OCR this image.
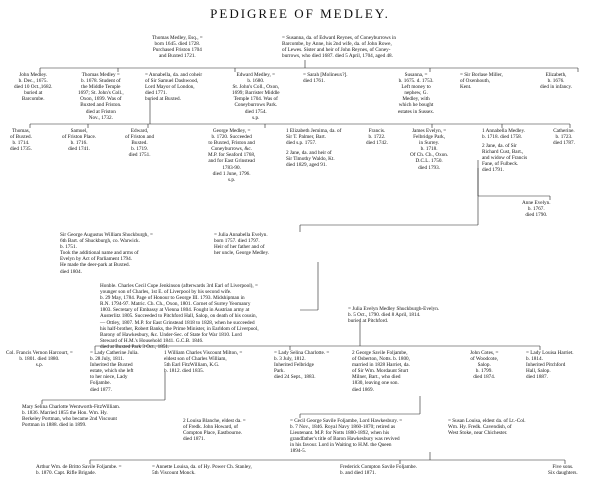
PEDIGREE OF MEDLEY.

Thomas Medley, Esq., =
born 1645. died 1728.
Purchased Friston 1704
and Buxted 1721.

= Susanna, da. of Edward Reynes, of Coneyburrows in
Barcombe, by Anne, his 2nd wife, da. of John Rowe,
of Lewes. Sister and heir of John Reynes, of Coney-
burrows, who died 1687. died 5 April, 1704, aged 48.

John Medley.
b. Dec., 1675.
died 10 Oct.,1682.
buried at
Barcombe.

Thomas Medley =
b. 1678. Student of
the Middle Temple
1697; St. John's Coll.,
Oxon, 1699. Was of
Buxted and Friston.
died at Friston
Nov., 1732.

= Annabella, da. and coheir
of Sir Samuel Dashwood,
Lord Mayor of London,
died 1771.
buried at Buxted.

Edward Medley, =
b. 1680.
St. John's Coll., Oxon,
1699; Barrister Middle
Temple 1704. Was of
Coneyburrows Park.
died 1754.
s.p.

= Sarah [Molineux?].
died 1761.

Susanna, =
b. 1675. d. 1753.
Left money to
nephew, G.
Medley, with
which he bought
estates in Sussex.

= Sir Borlase Miller,
of Oxenhouth,
Kent.

Elizabeth,
b. 1676.
died in infancy.

Thomas,
of Buxted.
b. 1714.
died 1735.

Samuel,
of Friston Place.
b. 1716.
died 1741.

Edward,
of Friston and
Buxted.
b. 1719.
died 1751.

George Medley, =
b. 1720. Succeeded
to Buxted, Friston and
Coneyburrows, &c.
M.P. for Seaford 1768,
and for East Grinstead
1783-90.
died 1 June, 1796.
s.p.

1 Elizabeth Jemima, da. of
Sir T. Palmer, Bart.
died s.p. 1757.

2 Jane, da. and heir of
Sir Timothy Waldo, Kt.
died 1829, aged 91.

Francis.
b. 1722.
died 1742.

James Evelyn, =
Felbridge Park,
in Surrey.
b. 1718.
Of Ch. Ch., Oxon.
D.C.L. 1750.
died 1793.

1 Annabella Medley.
b. 1718. died 1758.

2 Jane, da. of Sir
Richard Cust, Bart.,
and widow of Francis
Fane, of Fulbeck.
died 1791.

Catherine.
b. 1723.
died 1787.

Anne Evelyn.
b. 1767.
died 1790.

Sir George Augustus William Shuckburgh, =
6th Bart. of Shuckburgh, co. Warwick.
b. 1751.
Took the additional name and arms of
Evelyn by Act of Parliament 1794.
He made the deer-park at Buxted.
died 1804.

= Julia Annabella Evelyn.
born 1757. died 1797.
Heir of her father and of
her uncle, George Medley.

Honble. Charles Cecil Cope Jenkinson (afterwards 3rd Earl of Liverpool), =
younger son of Charles, 1st E. of Liverpool by his second wife.
b. 29 May, 1784. Page of Honour to George III. 1793. Midshipman in
R.N. 1794-97. Matric. Ch. Ch., Oxon, 1801. Cornet of Surrey Yeomanry
1803. Secretary of Embassy at Vienna 1804. Fought in Austrian army at
Austerlitz 1805. Succeeded to Pitchford Hall, Salop, on death of his cousin,
— Ottley, 1807. M.P. for East Grinstead 1818 to 1828, when he succeeded
his half-brother, Robert Banks, the Prime Minister, in Earldom of Liverpool,
Barony of Hawkesbury, &c. Under-Sec. of State for War 1810. Lord
Steward of H.M.'s Household 1841. G.C.B. 1846.
died at Buxted Park 3 Oct., 1851.

= Julia Evelyn Medley Shuckburgh-Evelyn.
b. 5 Oct., 1790. died 8 April, 1814.
buried at Pitchford.

Col. Francis Vernon Harcourt, =
b. 1801. died 1880.
s.p.

= Lady Catherine Julia.
b. 28 July, 1811.
Inherited the Buxted
estate, which she left
to her niece, Lady
Foljambe.
died 1877.

1 William Charles Viscount Milton, =
eldest son of Charles William,
5th Earl FitzWilliam, K.G.
b. 1812. died 1835.

= Lady Selina Charlotte. =
b. 3 July, 1812.
Inherited Felbridge
Park.
died 24 Sept., 1883.

2 George Savile Foljambe,
of Osberton, Notts. b. 1800,
married in 1828 Harriet, da.
of Sir Wm. Mordaunt Sturt
Milner, Bart., who died
1830, leaving one son.
died 1869.

John Cotes, =
of Woodcote,
Salop.
b. 1799.
died 1874.

= Lady Louisa Harriet.
b. 1814.
Inherited Pitchford
Hall, Salop.
died 1887.

Mary Selina Charlotte Wentworth-FitzWilliam.
b. 1836. Married 1855 the Hon. Wm. Hy.
Berkeley Portman, who became 2nd Viscount
Portman in 1888. died in 1899.

2 Louisa Blanche, eldest da. =
of Fredk. John Howard, of
Compton Place, Eastbourne.
died 1871.

= Cecil George Savile Foljambe, Lord Hawkesbury. =
b. 7 Nov., 1846. Royal Navy 1860-1870; retired as
Lieutenant. M.P. for Notts 1880-1892, when his
grandfather's title of Baron Hawkesbury was revived
in his favour. Lord in Waiting to H.M. the Queen
1894-5.

= Susan Louisa, eldest da. of Lt.-Col.
Wm. Hy. Fredk. Cavendish, of
West Stoke, near Chichester.

Arthur Wm. de Britto Savile Foljambe. =
b. 1870. Capt. Rifle Brigade.

= Annette Louisa, da. of Hy. Power Ch. Stanley,
5th Viscount Monck.

Frederick Compton Savile Foljambe.
b. and died 1871.

Five sons.
Six daughters.
